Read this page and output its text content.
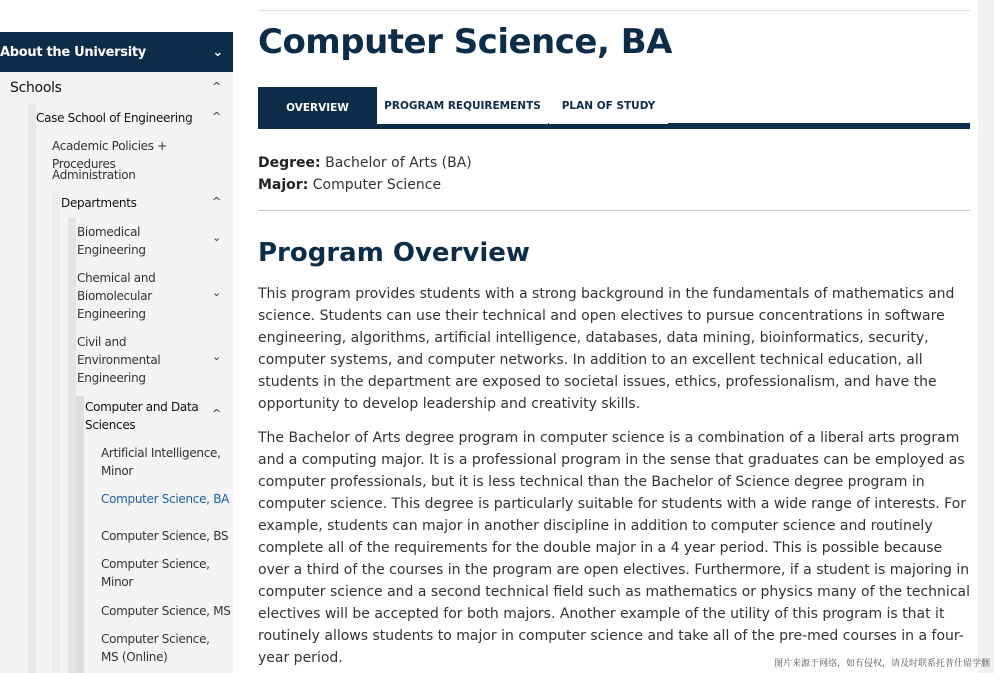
About the University	⌄
Schools	^
Case School of Engineering ^
Academic Policies + Procedures
Administration
Departments	^
Biomedical Engineering
⌄
Chemical and Biomolecular Engineering
⌄
Civil and Environmental Engineering
⌄
Computer and Data Sciences
^
Artificial Intelligence, Minor
Computer Science, BA
Computer Science, BS
Computer Science, Minor
Computer Science, MS
Computer Science, MS (Online)
Computer Science, BA
OVERVIEW	PROGRAM REQUIREMENTS	PLAN OF STUDY
Degree: Bachelor of Arts (BA)
Major: Computer Science
Program Overview

This program provides students with a strong background in the fundamentals of mathematics and science. Students can use their technical and open electives to pursue concentrations in software engineering, algorithms, artificial intelligence, databases, data mining, bioinformatics, security, computer systems, and computer networks. In addition to an excellent technical education, all students in the department are exposed to societal issues, ethics, professionalism, and have the opportunity to develop leadership and creativity skills.

The Bachelor of Arts degree program in computer science is a combination of a liberal arts program and a computing major. It is a professional program in the sense that graduates can be employed as computer professionals, but it is less technical than the Bachelor of Science degree program in computer science. This degree is particularly suitable for students with a wide range of interests. For example, students can major in another discipline in addition to computer science and routinely complete all of the requirements for the double major in a 4 year period. This is possible because over a third of the courses in the program are open electives. Furthermore, if a student is majoring in computer science and a second technical field such as mathematics or physics many of the technical electives will be accepted for both majors. Another example of the utility of this program is that it routinely allows students to major in computer science and take all of the pre-med courses in a four-year period.	图片来源于网络，如有侵权，请及时联系托普仕留学删
